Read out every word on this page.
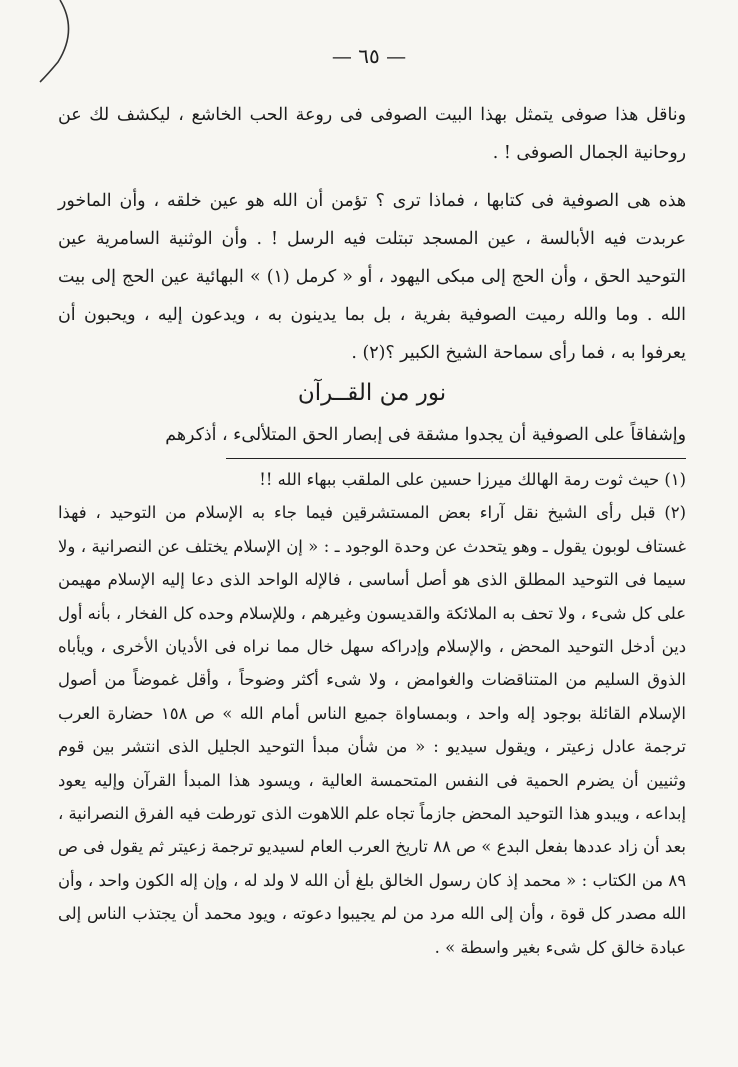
— ٦٥ —

وناقل هذا صوفى يتمثل بهذا البيت الصوفى فى روعة الحب الخاشع ، ليكشف لك عن روحانية الجمال الصوفى ! .

هذه هى الصوفية فى كتابها ، فماذا ترى ؟ تؤمن أن الله هو عين خلقه ، وأن الماخور عربدت فيه الأبالسة ، عين المسجد تبتلت فيه الرسل ! . وأن الوثنية السامرية عين التوحيد الحق ، وأن الحج إلى مبكى اليهود ، أو « كرمل (١) » البهائية عين الحج إلى بيت الله . وما والله رميت الصوفية بفرية ، بل بما يدينون به ، ويدعون إليه ، ويحبون أن يعرفوا به ، فما رأى سماحة الشيخ الكبير ؟(٢) .

نور من القــرآن

وإشفاقاً على الصوفية أن يجدوا مشقة فى إبصار الحق المتلألىء ، أذكرهم

(١) حيث ثوت رمة الهالك ميرزا حسين على الملقب ببهاء الله !!

(٢) قبل رأى الشيخ نقل آراء بعض المستشرقين فيما جاء به الإسلام من التوحيد ، فهذا غستاف لوبون يقول ـ وهو يتحدث عن وحدة الوجود ـ : « إن الإسلام يختلف عن النصرانية ، ولا سيما فى التوحيد المطلق الذى هو أصل أساسى ، فالإله الواحد الذى دعا إليه الإسلام مهيمن على كل شىء ، ولا تحف به الملائكة والقديسون وغيرهم ، وللإسلام وحده كل الفخار ، بأنه أول دين أدخل التوحيد المحض ، والإسلام وإدراكه سهل خال مما نراه فى الأديان الأخرى ، ويأباه الذوق السليم من المتناقضات والغوامض ، ولا شىء أكثر وضوحاً ، وأقل غموضاً من أصول الإسلام القائلة بوجود إله واحد ، وبمساواة جميع الناس أمام الله » ص ١٥٨ حضارة العرب ترجمة عادل زعيتر ، ويقول سيديو : « من شأن مبدأ التوحيد الجليل الذى انتشر بين قوم وثنيين أن يضرم الحمية فى النفس المتحمسة العالية ، ويسود هذا المبدأ القرآن وإليه يعود إبداعه ، ويبدو هذا التوحيد المحض جازماً تجاه علم اللاهوت الذى تورطت فيه الفرق النصرانية ، بعد أن زاد عددها بفعل البدع » ص ٨٨ تاريخ العرب العام لسيديو ترجمة زعيتر ثم يقول فى ص ٨٩ من الكتاب : « محمد إذ كان رسول الخالق بلغ أن الله لا ولد له ، وإن إله الكون واحد ، وأن الله مصدر كل قوة ، وأن إلى الله مرد من لم يجيبوا دعوته ، ويود محمد أن يجتذب الناس إلى عبادة خالق كل شىء بغير واسطة » .
